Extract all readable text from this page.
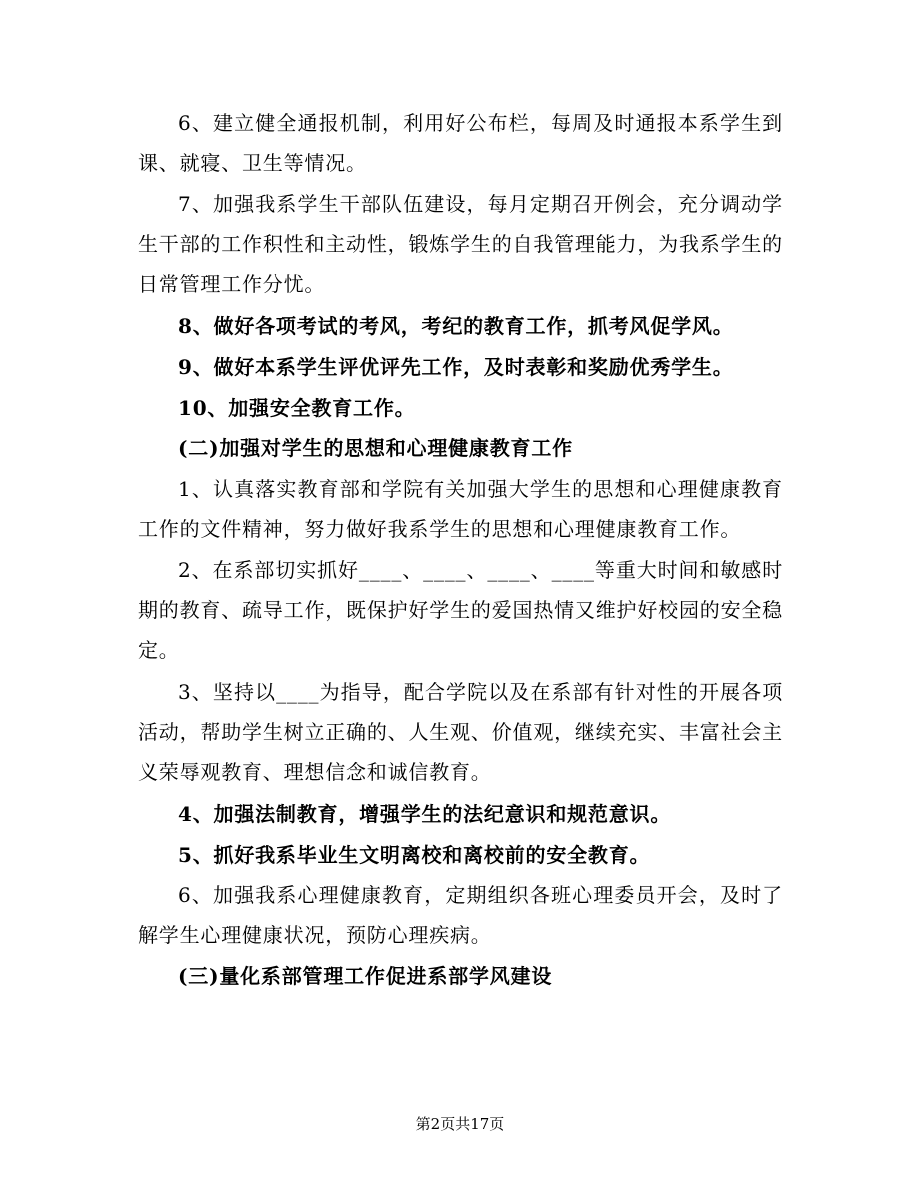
6、建立健全通报机制，利用好公布栏，每周及时通报本系学生到课、就寝、卫生等情况。

7、加强我系学生干部队伍建设，每月定期召开例会，充分调动学生干部的工作积性和主动性，锻炼学生的自我管理能力，为我系学生的日常管理工作分忧。

8、做好各项考试的考风，考纪的教育工作，抓考风促学风。

9、做好本系学生评优评先工作，及时表彰和奖励优秀学生。

10、加强安全教育工作。

(二)加强对学生的思想和心理健康教育工作

1、认真落实教育部和学院有关加强大学生的思想和心理健康教育工作的文件精神，努力做好我系学生的思想和心理健康教育工作。

2、在系部切实抓好____、____、____、____等重大时间和敏感时期的教育、疏导工作，既保护好学生的爱国热情又维护好校园的安全稳定。

3、坚持以____为指导，配合学院以及在系部有针对性的开展各项活动，帮助学生树立正确的、人生观、价值观，继续充实、丰富社会主义荣辱观教育、理想信念和诚信教育。

4、加强法制教育，增强学生的法纪意识和规范意识。

5、抓好我系毕业生文明离校和离校前的安全教育。

6、加强我系心理健康教育，定期组织各班心理委员开会，及时了解学生心理健康状况，预防心理疾病。

(三)量化系部管理工作促进系部学风建设

第2页共17页
